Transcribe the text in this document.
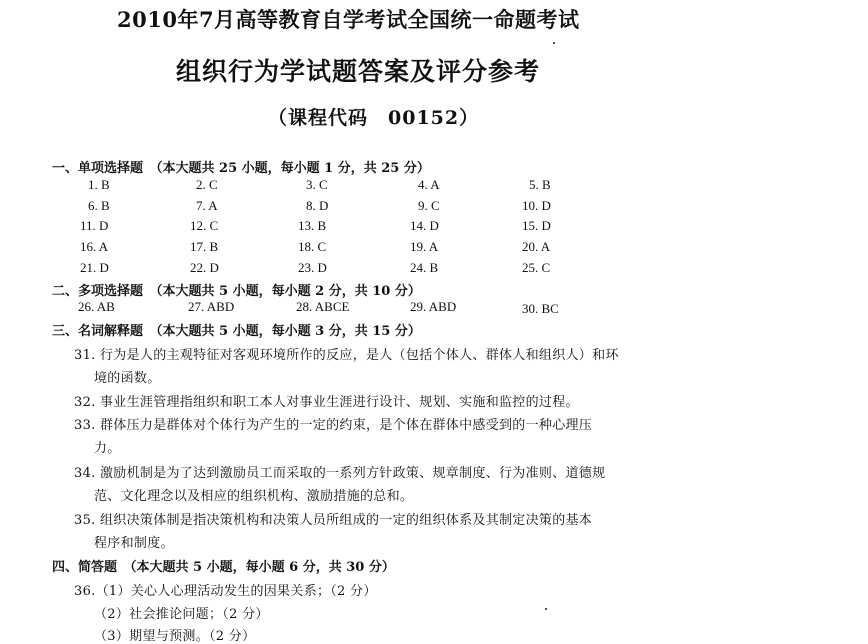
2010年7月高等教育自学考试全国统一命题考试
组织行为学试题答案及评分参考
（课程代码　00152）
一、单项选择题　（本大题共 25 小题，每小题 1 分，共 25 分）
1. B	2. C	3. C	4. A	5. B
6. B	7. A	8. D	9. C	10. D
11. D	12. C	13. B	14. D	15. D
16. A	17. B	18. C	19. A	20. A
21. D	22. D	23. D	24. B	25. C
二、多项选择题　（本大题共 5 小题，每小题 2 分，共 10 分）
26. AB	27. ABD	28. ABCE	29. ABD	30. BC
三、名词解释题　（本大题共 5 小题，每小题 3 分，共 15 分）
31. 行为是人的主观特征对客观环境所作的反应，是人（包括个体人、群体人和组织人）和环
境的函数。
32. 事业生涯管理指组织和职工本人对事业生涯进行设计、规划、实施和监控的过程。
33. 群体压力是群体对个体行为产生的一定的约束，是个体在群体中感受到的一种心理压
力。
34. 激励机制是为了达到激励员工而采取的一系列方针政策、规章制度、行为准则、道德规
范、文化理念以及相应的组织机构、激励措施的总和。
35. 组织决策体制是指决策机构和决策人员所组成的一定的组织体系及其制定决策的基本
程序和制度。
四、简答题　（本大题共 5 小题，每小题 6 分，共 30 分）
36.（1）关心人心理活动发生的因果关系；（2 分）
（2）社会推论问题；（2 分）
（3）期望与预测。（2 分）
